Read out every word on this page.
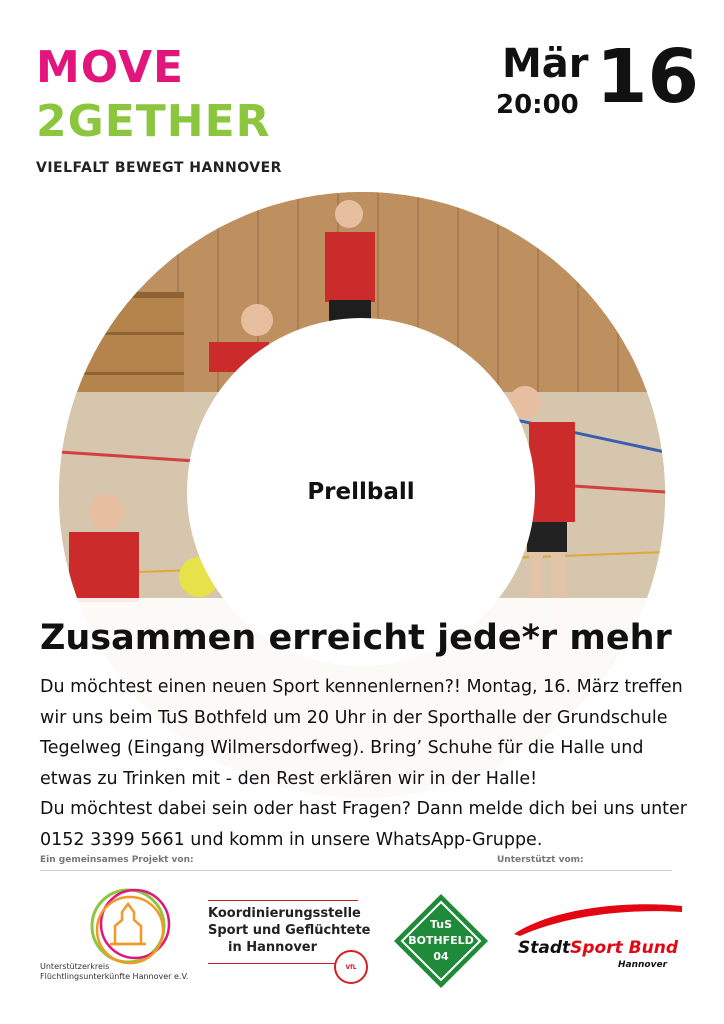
MOVE
2GETHER
VIELFALT BEWEGT HANNOVER
Mär
20:00 16
Prellball
Zusammen erreicht jede*r mehr

Du möchtest einen neuen Sport kennenlernen?! Montag, 16. März treffen wir uns beim TuS Bothfeld um 20 Uhr in der Sporthalle der Grundschule Tegelweg (Eingang Wilmersdorfweg). Bring’ Schuhe für die Halle und etwas zu Trinken mit - den Rest erklären wir in der Halle!

Du möchtest dabei sein oder hast Fragen? Dann melde dich bei uns unter 0152 3399 5661 und komm in unsere WhatsApp-Gruppe.

Ein gemeinsames Projekt von:	Unterstützt vom:
Unterstützerkreis
Flüchtlingsunterkünfte Hannover e.V.
Koordinierungsstelle
Sport und Geflüchtete
in Hannover
VfL
TuS
BOTHFELD
04	StadtSport Bund
Hannover
